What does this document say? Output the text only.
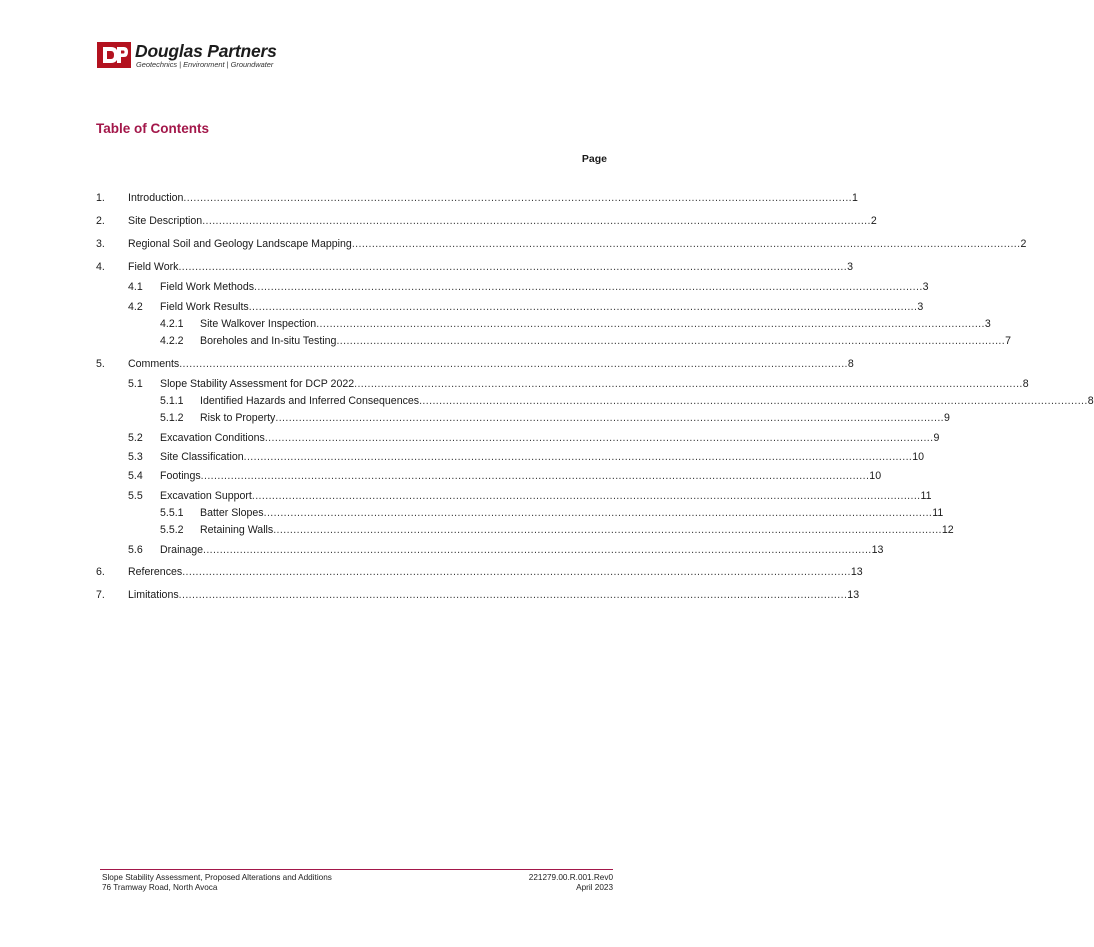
Douglas Partners
Geotechnics | Environment | Groundwater
Table of Contents
Page
1. Introduction ........................................................................................................................................................................................................ 1
2. Site Description ........................................................................................................................................................................................................ 2
3. Regional Soil and Geology Landscape Mapping ........................................................................................................................................................................................................ 2
4. Field Work ........................................................................................................................................................................................................ 3
4.1 Field Work Methods ........................................................................................................................................................................................................ 3
4.2 Field Work Results ........................................................................................................................................................................................................ 3
4.2.1 Site Walkover Inspection ........................................................................................................................................................................................................ 3
4.2.2 Boreholes and In-situ Testing ........................................................................................................................................................................................................ 7
5. Comments ........................................................................................................................................................................................................ 8
5.1 Slope Stability Assessment for DCP 2022 ........................................................................................................................................................................................................ 8
5.1.1 Identified Hazards and Inferred Consequences ........................................................................................................................................................................................................ 8
5.1.2 Risk to Property ........................................................................................................................................................................................................ 9
5.2 Excavation Conditions ........................................................................................................................................................................................................ 9
5.3 Site Classification ........................................................................................................................................................................................................ 10
5.4 Footings ........................................................................................................................................................................................................ 10
5.5 Excavation Support ........................................................................................................................................................................................................ 11
5.5.1 Batter Slopes ........................................................................................................................................................................................................ 11
5.5.2 Retaining Walls ........................................................................................................................................................................................................ 12
5.6 Drainage ........................................................................................................................................................................................................ 13
6. References ........................................................................................................................................................................................................ 13
7. Limitations ........................................................................................................................................................................................................ 13
Slope Stability Assessment, Proposed Alterations and Additions
76 Tramway Road, North Avoca
221279.00.R.001.Rev0
April 2023
